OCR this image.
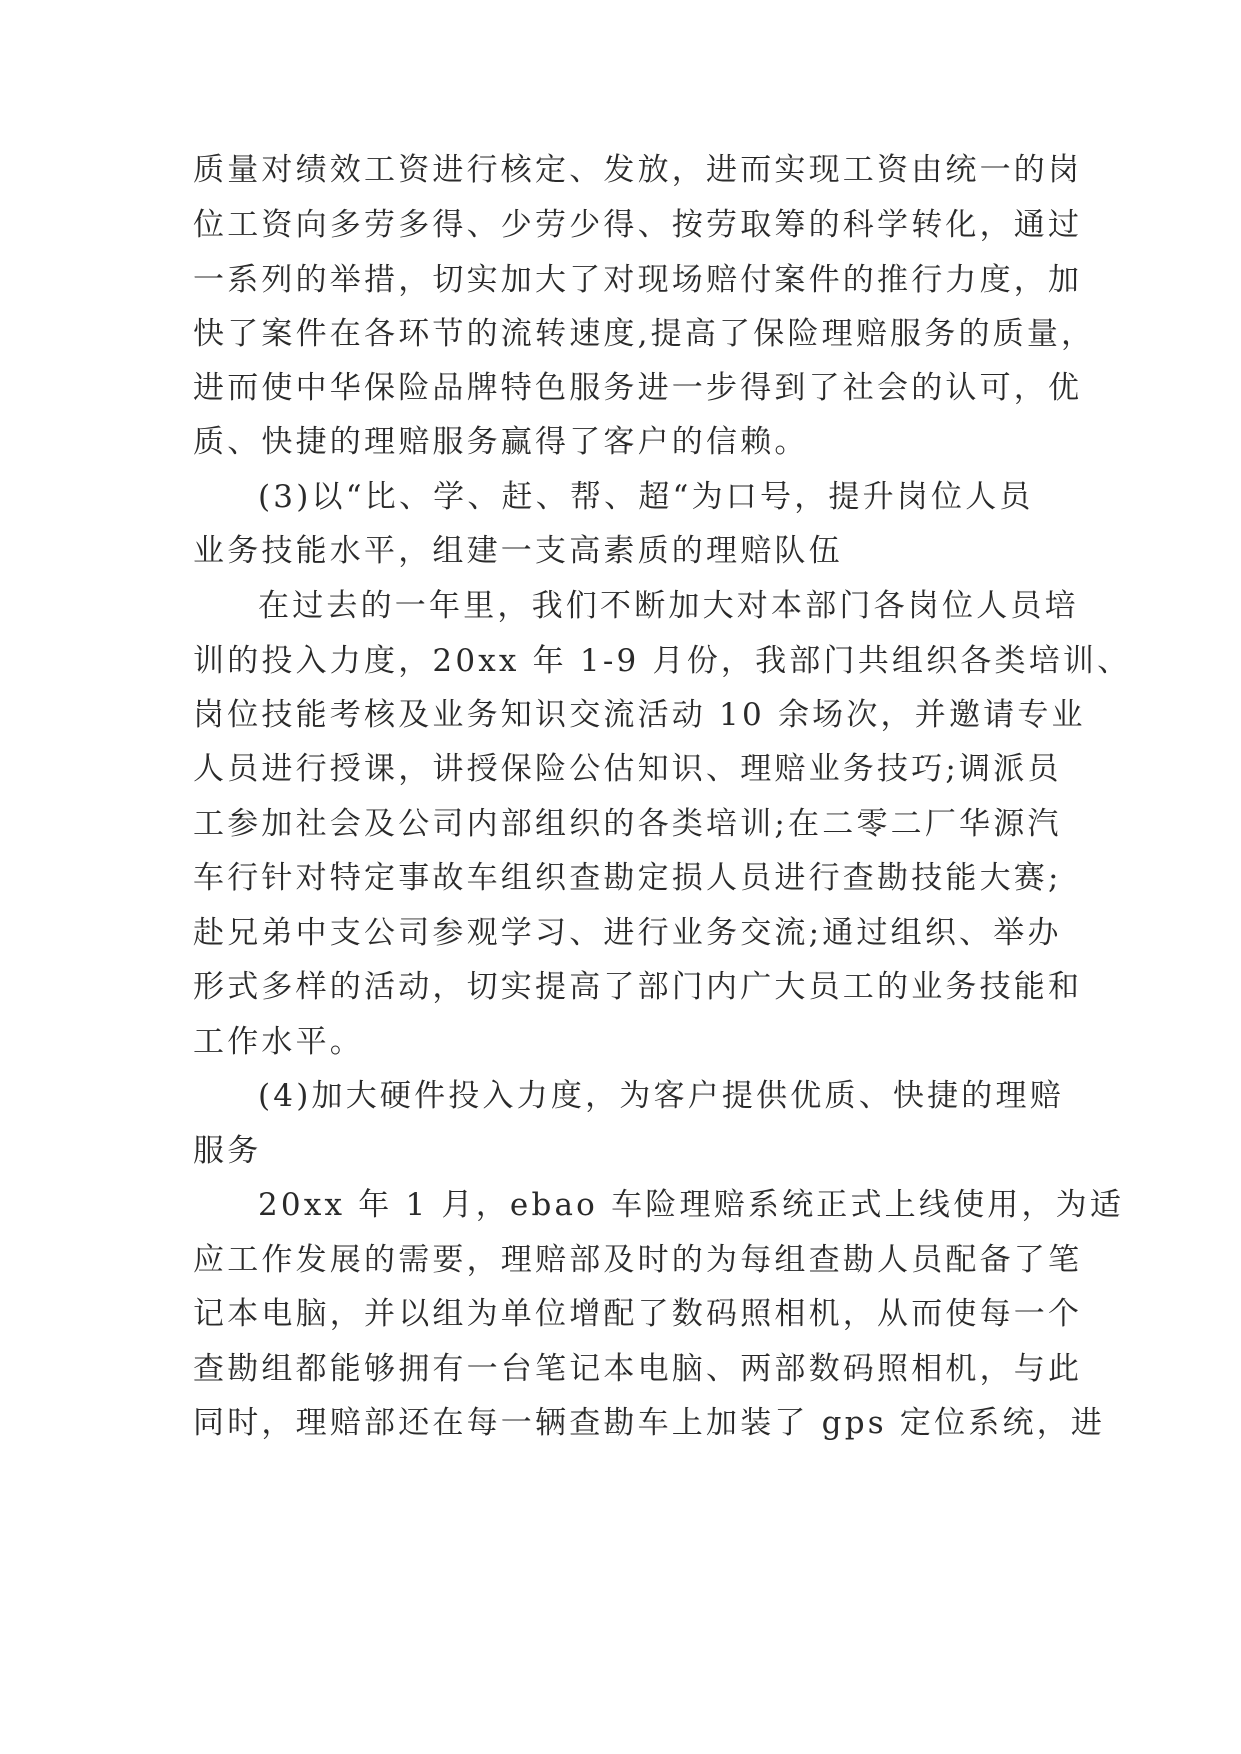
质量对绩效工资进行核定、发放，进而实现工资由统一的岗
位工资向多劳多得、少劳少得、按劳取筹的科学转化，通过
一系列的举措，切实加大了对现场赔付案件的推行力度，加
快了案件在各环节的流转速度,提高了保险理赔服务的质量，
进而使中华保险品牌特色服务进一步得到了社会的认可，优
质、快捷的理赔服务赢得了客户的信赖。
(3)以“比、学、赶、帮、超“为口号，提升岗位人员
业务技能水平，组建一支高素质的理赔队伍
在过去的一年里，我们不断加大对本部门各岗位人员培
训的投入力度，20xx 年 1-9 月份，我部门共组织各类培训、
岗位技能考核及业务知识交流活动 10 余场次，并邀请专业
人员进行授课，讲授保险公估知识、理赔业务技巧;调派员
工参加社会及公司内部组织的各类培训;在二零二厂华源汽
车行针对特定事故车组织查勘定损人员进行查勘技能大赛;
赴兄弟中支公司参观学习、进行业务交流;通过组织、举办
形式多样的活动，切实提高了部门内广大员工的业务技能和
工作水平。
(4)加大硬件投入力度，为客户提供优质、快捷的理赔
服务
20xx 年 1 月，ebao 车险理赔系统正式上线使用，为适
应工作发展的需要，理赔部及时的为每组查勘人员配备了笔
记本电脑，并以组为单位增配了数码照相机，从而使每一个
查勘组都能够拥有一台笔记本电脑、两部数码照相机，与此
同时，理赔部还在每一辆查勘车上加装了 gps 定位系统，进
